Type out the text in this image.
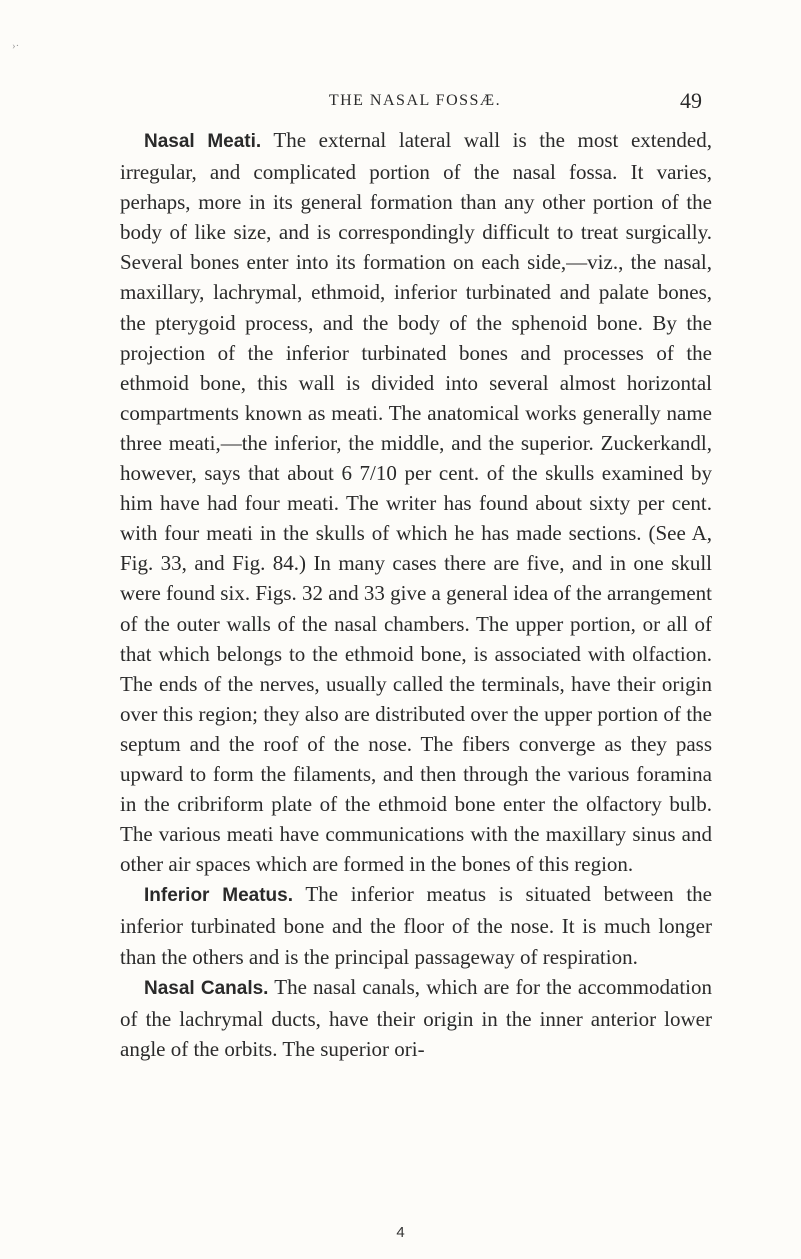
›·
THE NASAL FOSSÆ.	49

Nasal Meati. The external lateral wall is the most extended, irregular, and complicated portion of the nasal fossa. It varies, perhaps, more in its general formation than any other portion of the body of like size, and is correspondingly difficult to treat surgically. Several bones enter into its formation on each side,—viz., the nasal, maxillary, lachrymal, ethmoid, inferior turbinated and palate bones, the pterygoid process, and the body of the sphenoid bone. By the projection of the inferior turbinated bones and processes of the ethmoid bone, this wall is divided into several almost horizontal compartments known as meati. The anatomical works generally name three meati,—the inferior, the middle, and the superior. Zuckerkandl, however, says that about 6 7/10 per cent. of the skulls examined by him have had four meati. The writer has found about sixty per cent. with four meati in the skulls of which he has made sections. (See A, Fig. 33, and Fig. 84.) In many cases there are five, and in one skull were found six. Figs. 32 and 33 give a general idea of the arrangement of the outer walls of the nasal chambers. The upper portion, or all of that which belongs to the ethmoid bone, is associated with olfaction. The ends of the nerves, usually called the terminals, have their origin over this region; they also are distributed over the upper portion of the septum and the roof of the nose. The fibers converge as they pass upward to form the filaments, and then through the various foramina in the cribriform plate of the ethmoid bone enter the olfactory bulb. The various meati have communications with the maxillary sinus and other air spaces which are formed in the bones of this region.

Inferior Meatus. The inferior meatus is situated between the inferior turbinated bone and the floor of the nose. It is much longer than the others and is the principal passageway of respiration.

Nasal Canals. The nasal canals, which are for the accommodation of the lachrymal ducts, have their origin in the inner anterior lower angle of the orbits. The superior ori-

4
